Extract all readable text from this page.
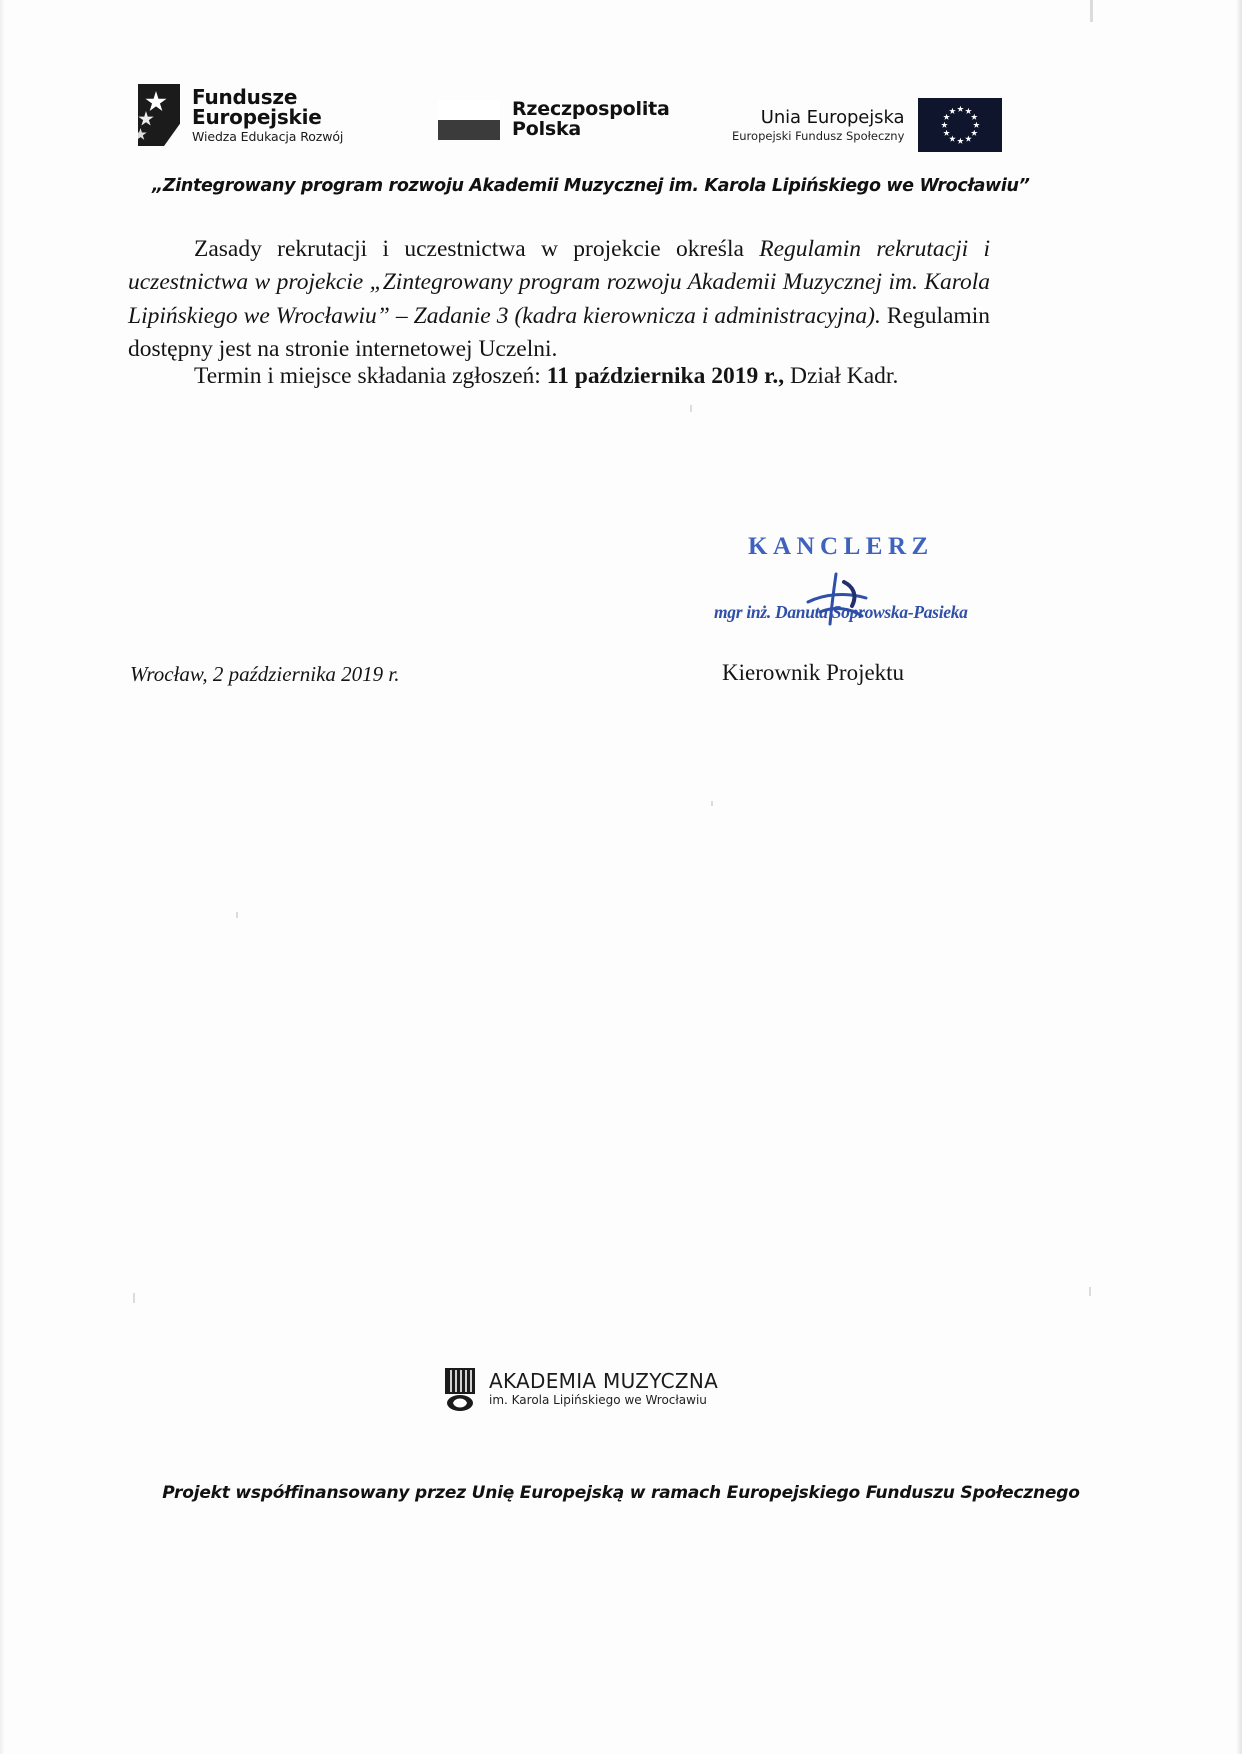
Fundusze
Europejskie
Wiedza Edukacja Rozwój
Rzeczpospolita
Polska
Unia Europejska
Europejski Fundusz Społeczny
„Zintegrowany program rozwoju Akademii Muzycznej im. Karola Lipińskiego we Wrocławiu”
Zasady rekrutacji i uczestnictwa w projekcie określa Regulamin rekrutacji i uczestnictwa w projekcie „Zintegrowany program rozwoju Akademii Muzycznej im. Karola Lipińskiego we Wrocławiu” – Zadanie 3 (kadra kierownicza i administracyjna). Regulamin dostępny jest na stronie internetowej Uczelni.
Termin i miejsce składania zgłoszeń: 11 października 2019 r., Dział Kadr.
KANCLERZ
mgr inż. Danuta Soprowska-Pasieka
Wrocław, 2 października 2019 r.	Kierownik Projektu
AKADEMIA MUZYCZNA
im. Karola Lipińskiego we Wrocławiu
Projekt współfinansowany przez Unię Europejską w ramach Europejskiego Funduszu Społecznego
